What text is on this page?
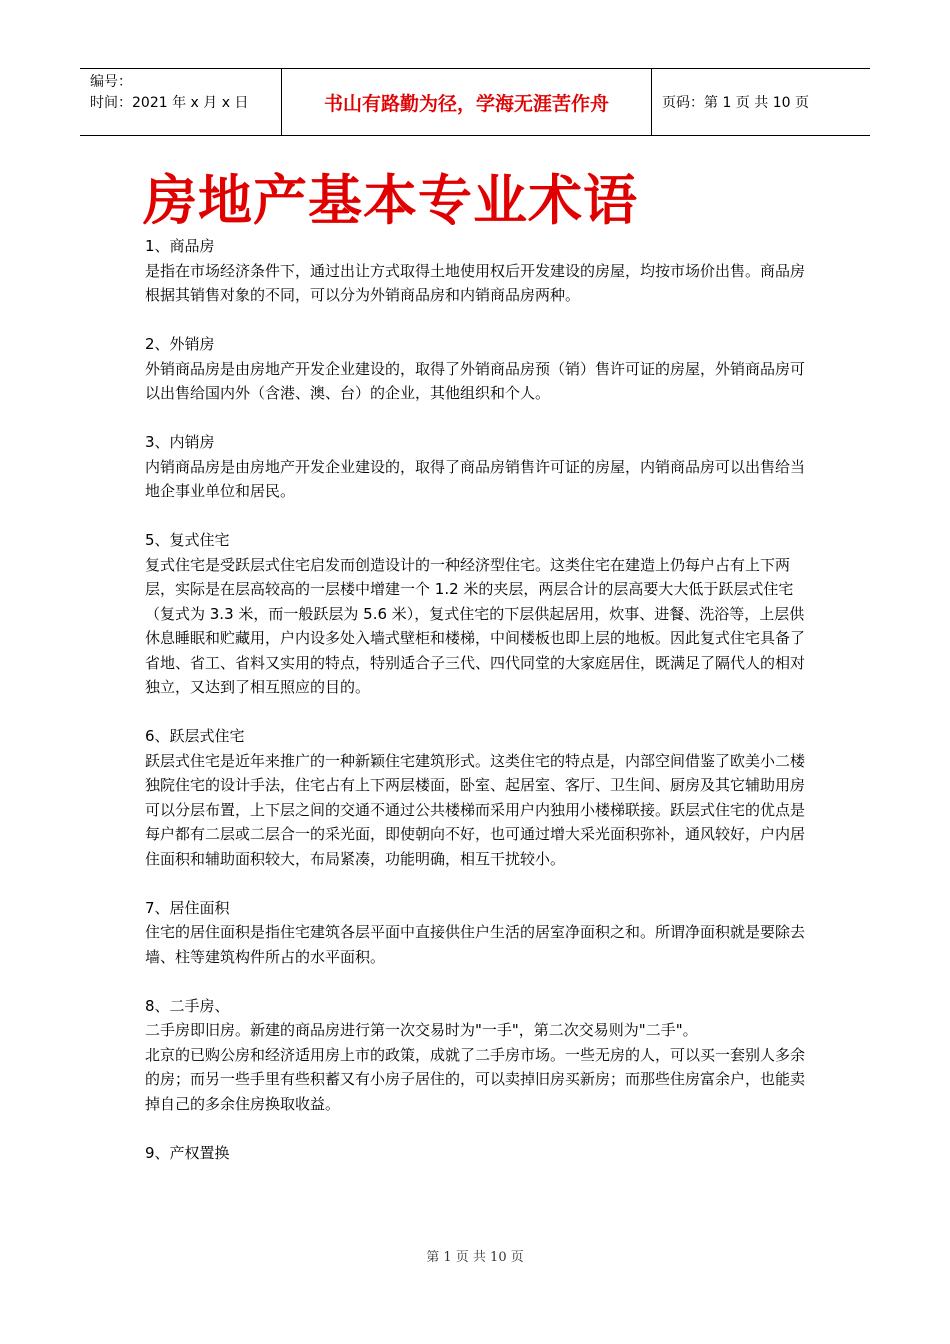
编号：
时间：2021 年 x 月 x 日	书山有路勤为径，学海无涯苦作舟	页码：第 1 页 共 10 页
房地产基本专业术语
1、商品房

是指在市场经济条件下，通过出让方式取得土地使用权后开发建设的房屋，均按市场价出售。商品房根据其销售对象的不同，可以分为外销商品房和内销商品房两种。

2、外销房

外销商品房是由房地产开发企业建设的，取得了外销商品房预（销）售许可证的房屋，外销商品房可以出售给国内外（含港、澳、台）的企业，其他组织和个人。

3、内销房

内销商品房是由房地产开发企业建设的，取得了商品房销售许可证的房屋，内销商品房可以出售给当地企事业单位和居民。

5、复式住宅

复式住宅是受跃层式住宅启发而创造设计的一种经济型住宅。这类住宅在建造上仍每户占有上下两层，实际是在层高较高的一层楼中增建一个 1.2 米的夹层，两层合计的层高要大大低于跃层式住宅（复式为 3.3 米，而一般跃层为 5.6 米），复式住宅的下层供起居用，炊事、进餐、洗浴等，上层供休息睡眠和贮藏用，户内设多处入墙式壁柜和楼梯，中间楼板也即上层的地板。因此复式住宅具备了省地、省工、省料又实用的特点，特别适合子三代、四代同堂的大家庭居住，既满足了隔代人的相对独立，又达到了相互照应的目的。

6、跃层式住宅

跃层式住宅是近年来推广的一种新颖住宅建筑形式。这类住宅的特点是，内部空间借鉴了欧美小二楼独院住宅的设计手法，住宅占有上下两层楼面，卧室、起居室、客厅、卫生间、厨房及其它辅助用房可以分层布置，上下层之间的交通不通过公共楼梯而采用户内独用小楼梯联接。跃层式住宅的优点是每户都有二层或二层合一的采光面，即使朝向不好，也可通过增大采光面积弥补，通风较好，户内居住面积和辅助面积较大，布局紧凑，功能明确，相互干扰较小。

7、居住面积

住宅的居住面积是指住宅建筑各层平面中直接供住户生活的居室净面积之和。所谓净面积就是要除去墙、柱等建筑构件所占的水平面积。

8、二手房、

二手房即旧房。新建的商品房进行第一次交易时为"一手"，第二次交易则为"二手"。

北京的已购公房和经济适用房上市的政策，成就了二手房市场。一些无房的人，可以买一套别人多余的房；而另一些手里有些积蓄又有小房子居住的，可以卖掉旧房买新房；而那些住房富余户，也能卖掉自己的多余住房换取收益。

9、产权置换
第 1 页 共 10 页
